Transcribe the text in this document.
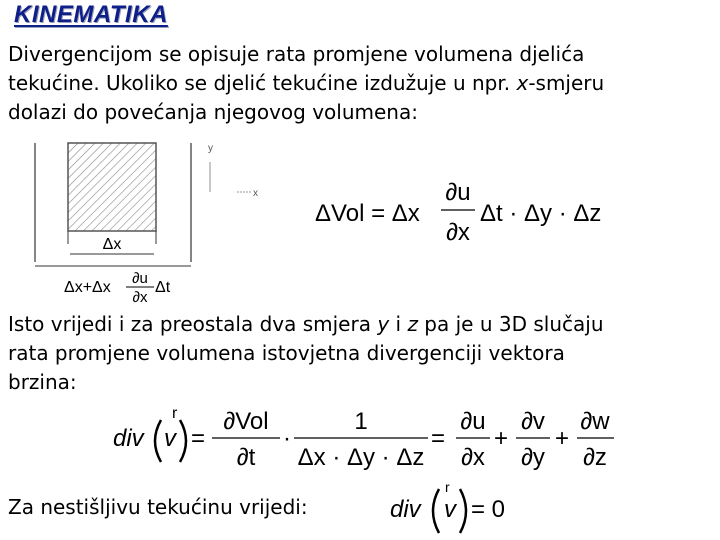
KINEMATIKA
Divergencijom se opisuje rata promjene volumena djelića
tekućine. Ukoliko se djelić tekućine izdužuje u npr. x-smjeru
dolazi do povećanja njegovog volumena:
Isto vrijedi i za preostala dva smjera y i z pa je u 3D slučaju
rata promjene volumena istovjetna divergenciji vektora
brzina:
Za nestišljivu tekućinu vrijedi:
Δx
Δx+Δx
∂u
∂x
Δt
y
x
ΔVol = Δx
∂u
∂x
Δt · Δy · Δz
div
r
v =
∂Vol
∂t
·
1
Δx · Δy · Δz
=
∂u
∂x
+
∂v
∂y
+
∂w
∂z
div
r
v = 0
